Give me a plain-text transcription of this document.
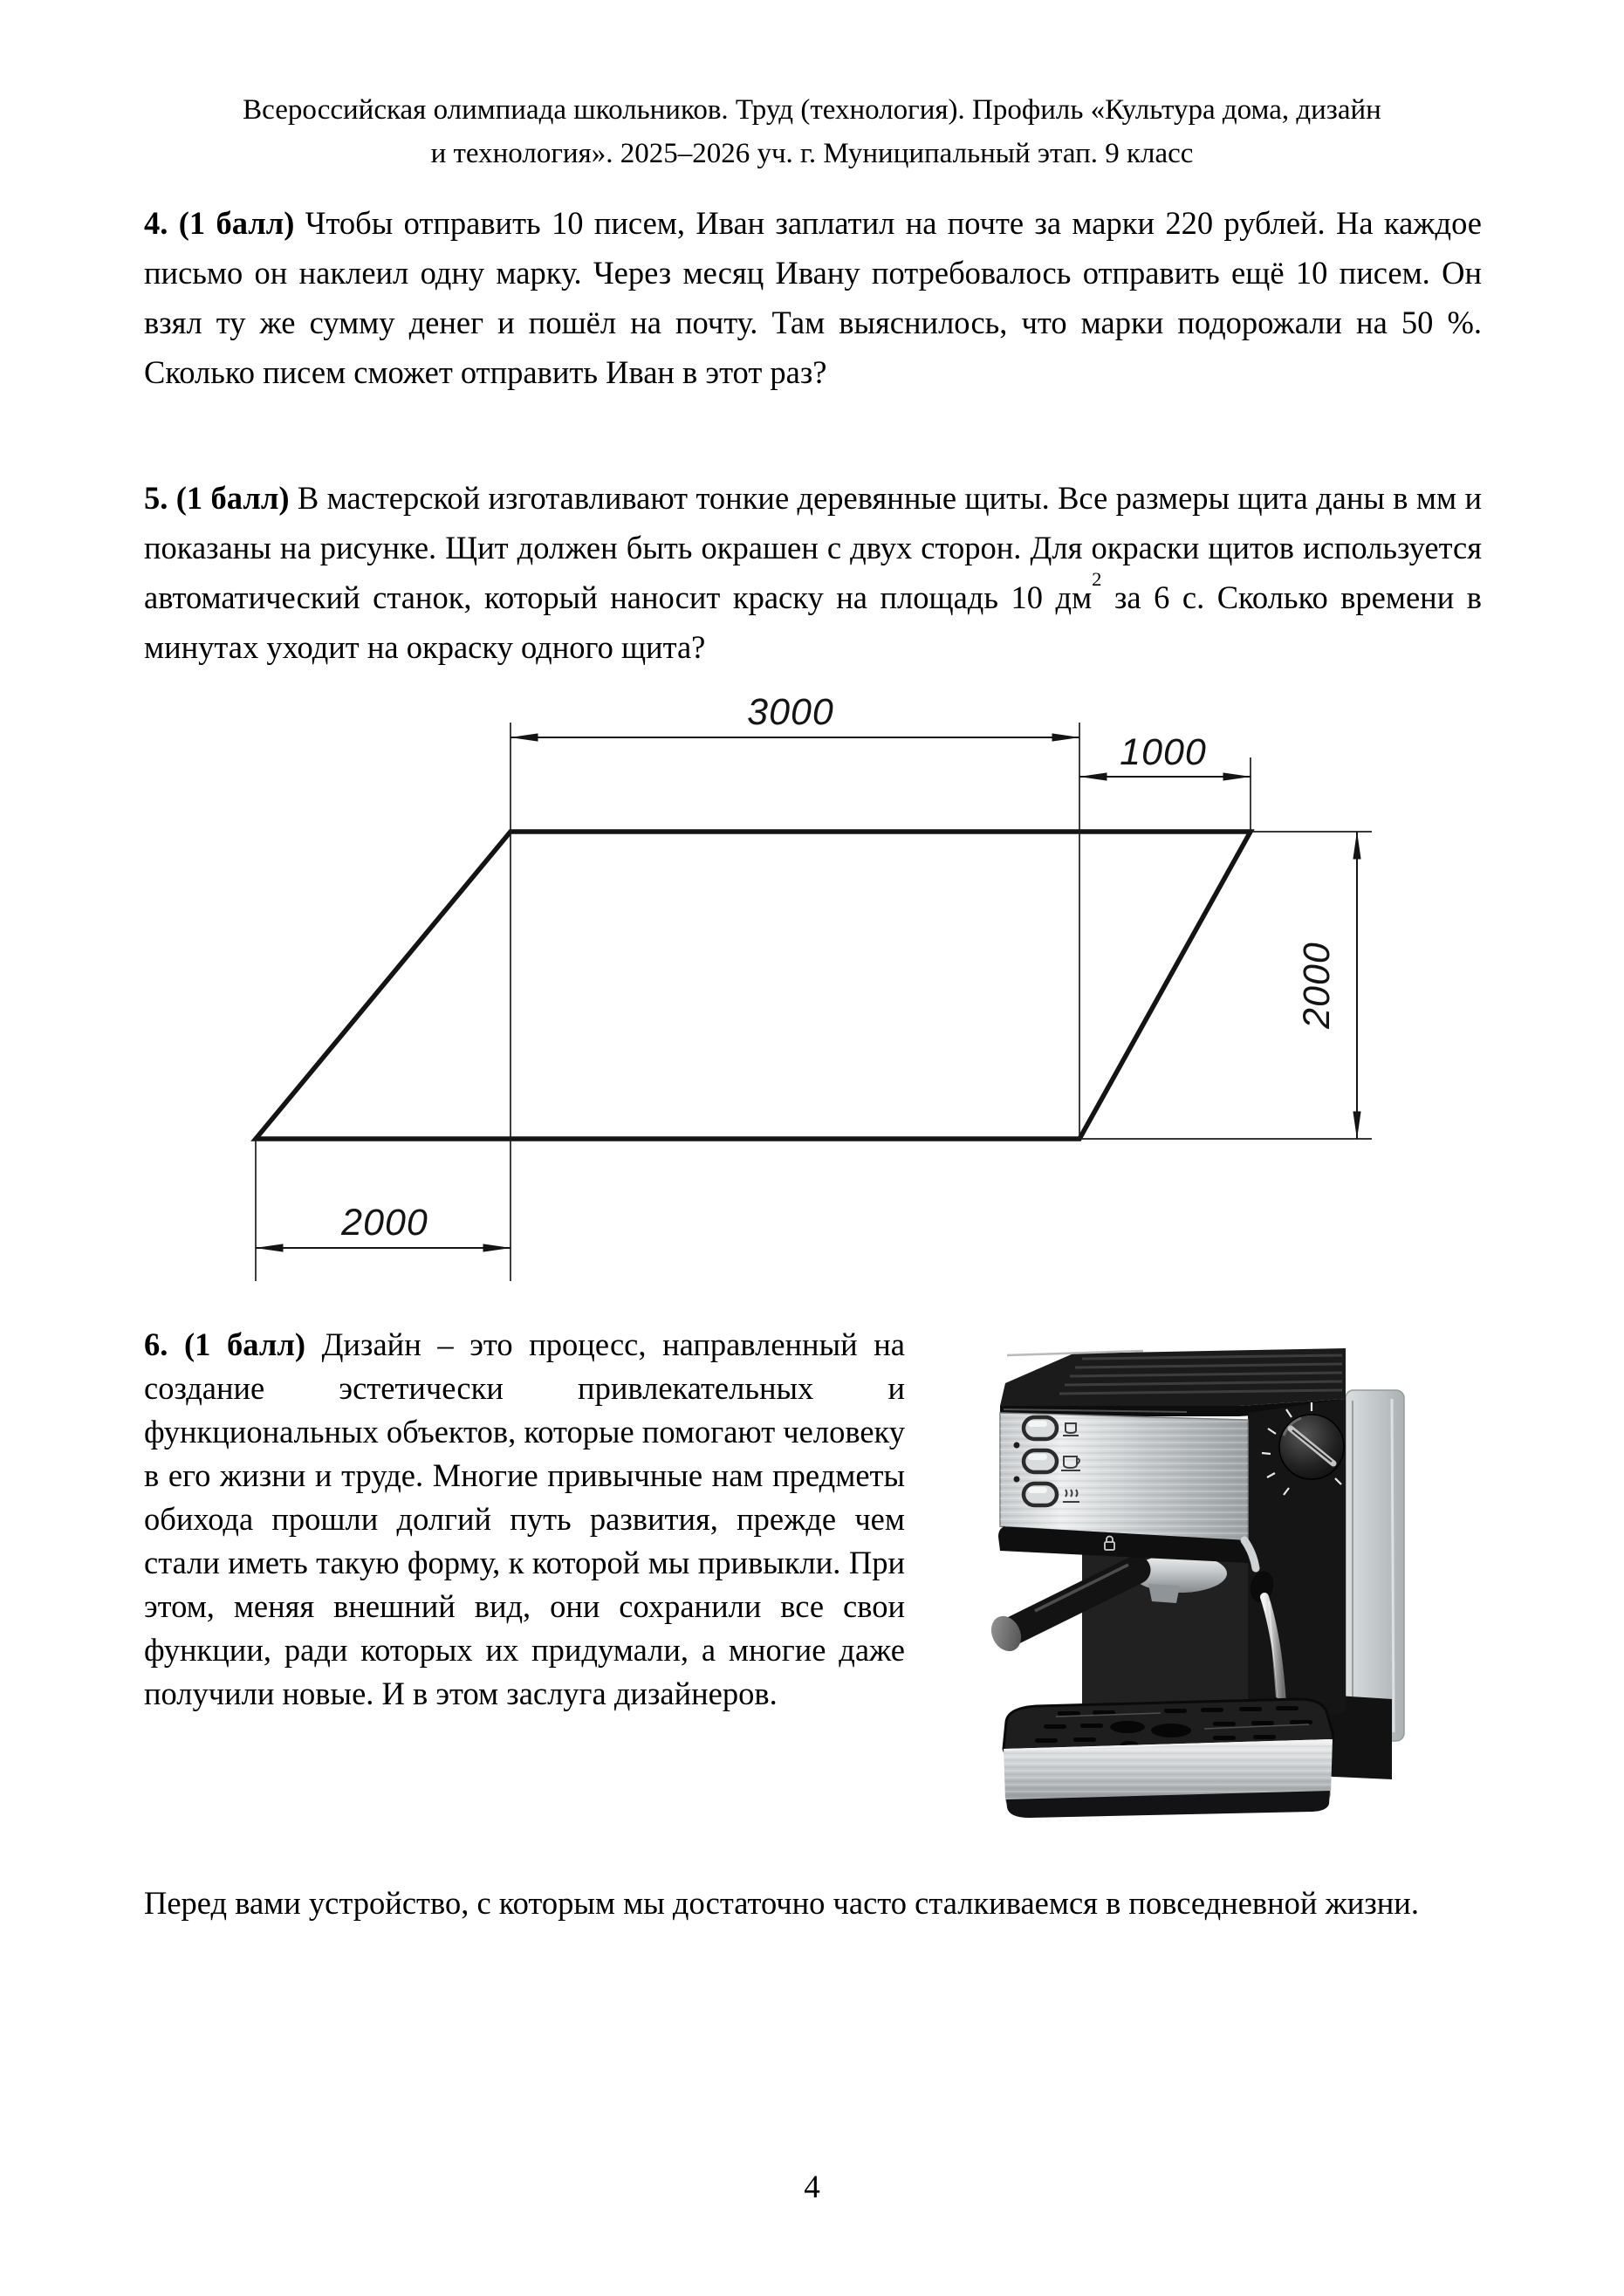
Всероссийская олимпиада школьников. Труд (технология). Профиль «Культура дома, дизайн
и технология». 2025–2026 уч. г. Муниципальный этап. 9 класс

4. (1 балл) Чтобы отправить 10 писем, Иван заплатил на почте за марки 220 рублей. На каждое письмо он наклеил одну марку. Через месяц Ивану потребовалось отправить ещё 10 писем. Он взял ту же сумму денег и пошёл на почту. Там выяснилось, что марки подорожали на 50 %. Сколько писем сможет отправить Иван в этот раз?

5. (1 балл) В мастерской изготавливают тонкие деревянные щиты. Все размеры щита даны в мм и показаны на рисунке. Щит должен быть окрашен с двух сторон. Для окраски щитов используется автоматический станок, который наносит краску на площадь 10 $дм^2$ за 6 с. Сколько времени в минутах уходит на окраску одного щита?

3000
1000
2000
2000

6. (1 балл) Дизайн – это процесс, направленный на создание эстетически привлекательных и функциональных объектов, которые помогают человеку в его жизни и труде. Многие привычные нам предметы обихода прошли долгий путь развития, прежде чем стали иметь такую форму, к которой мы привыкли. При этом, меняя внешний вид, они сохранили все свои функции, ради которых их придумали, а многие даже получили новые. И в этом заслуга дизайнеров.

Перед вами устройство, с которым мы достаточно часто сталкиваемся в повседневной жизни.

4
